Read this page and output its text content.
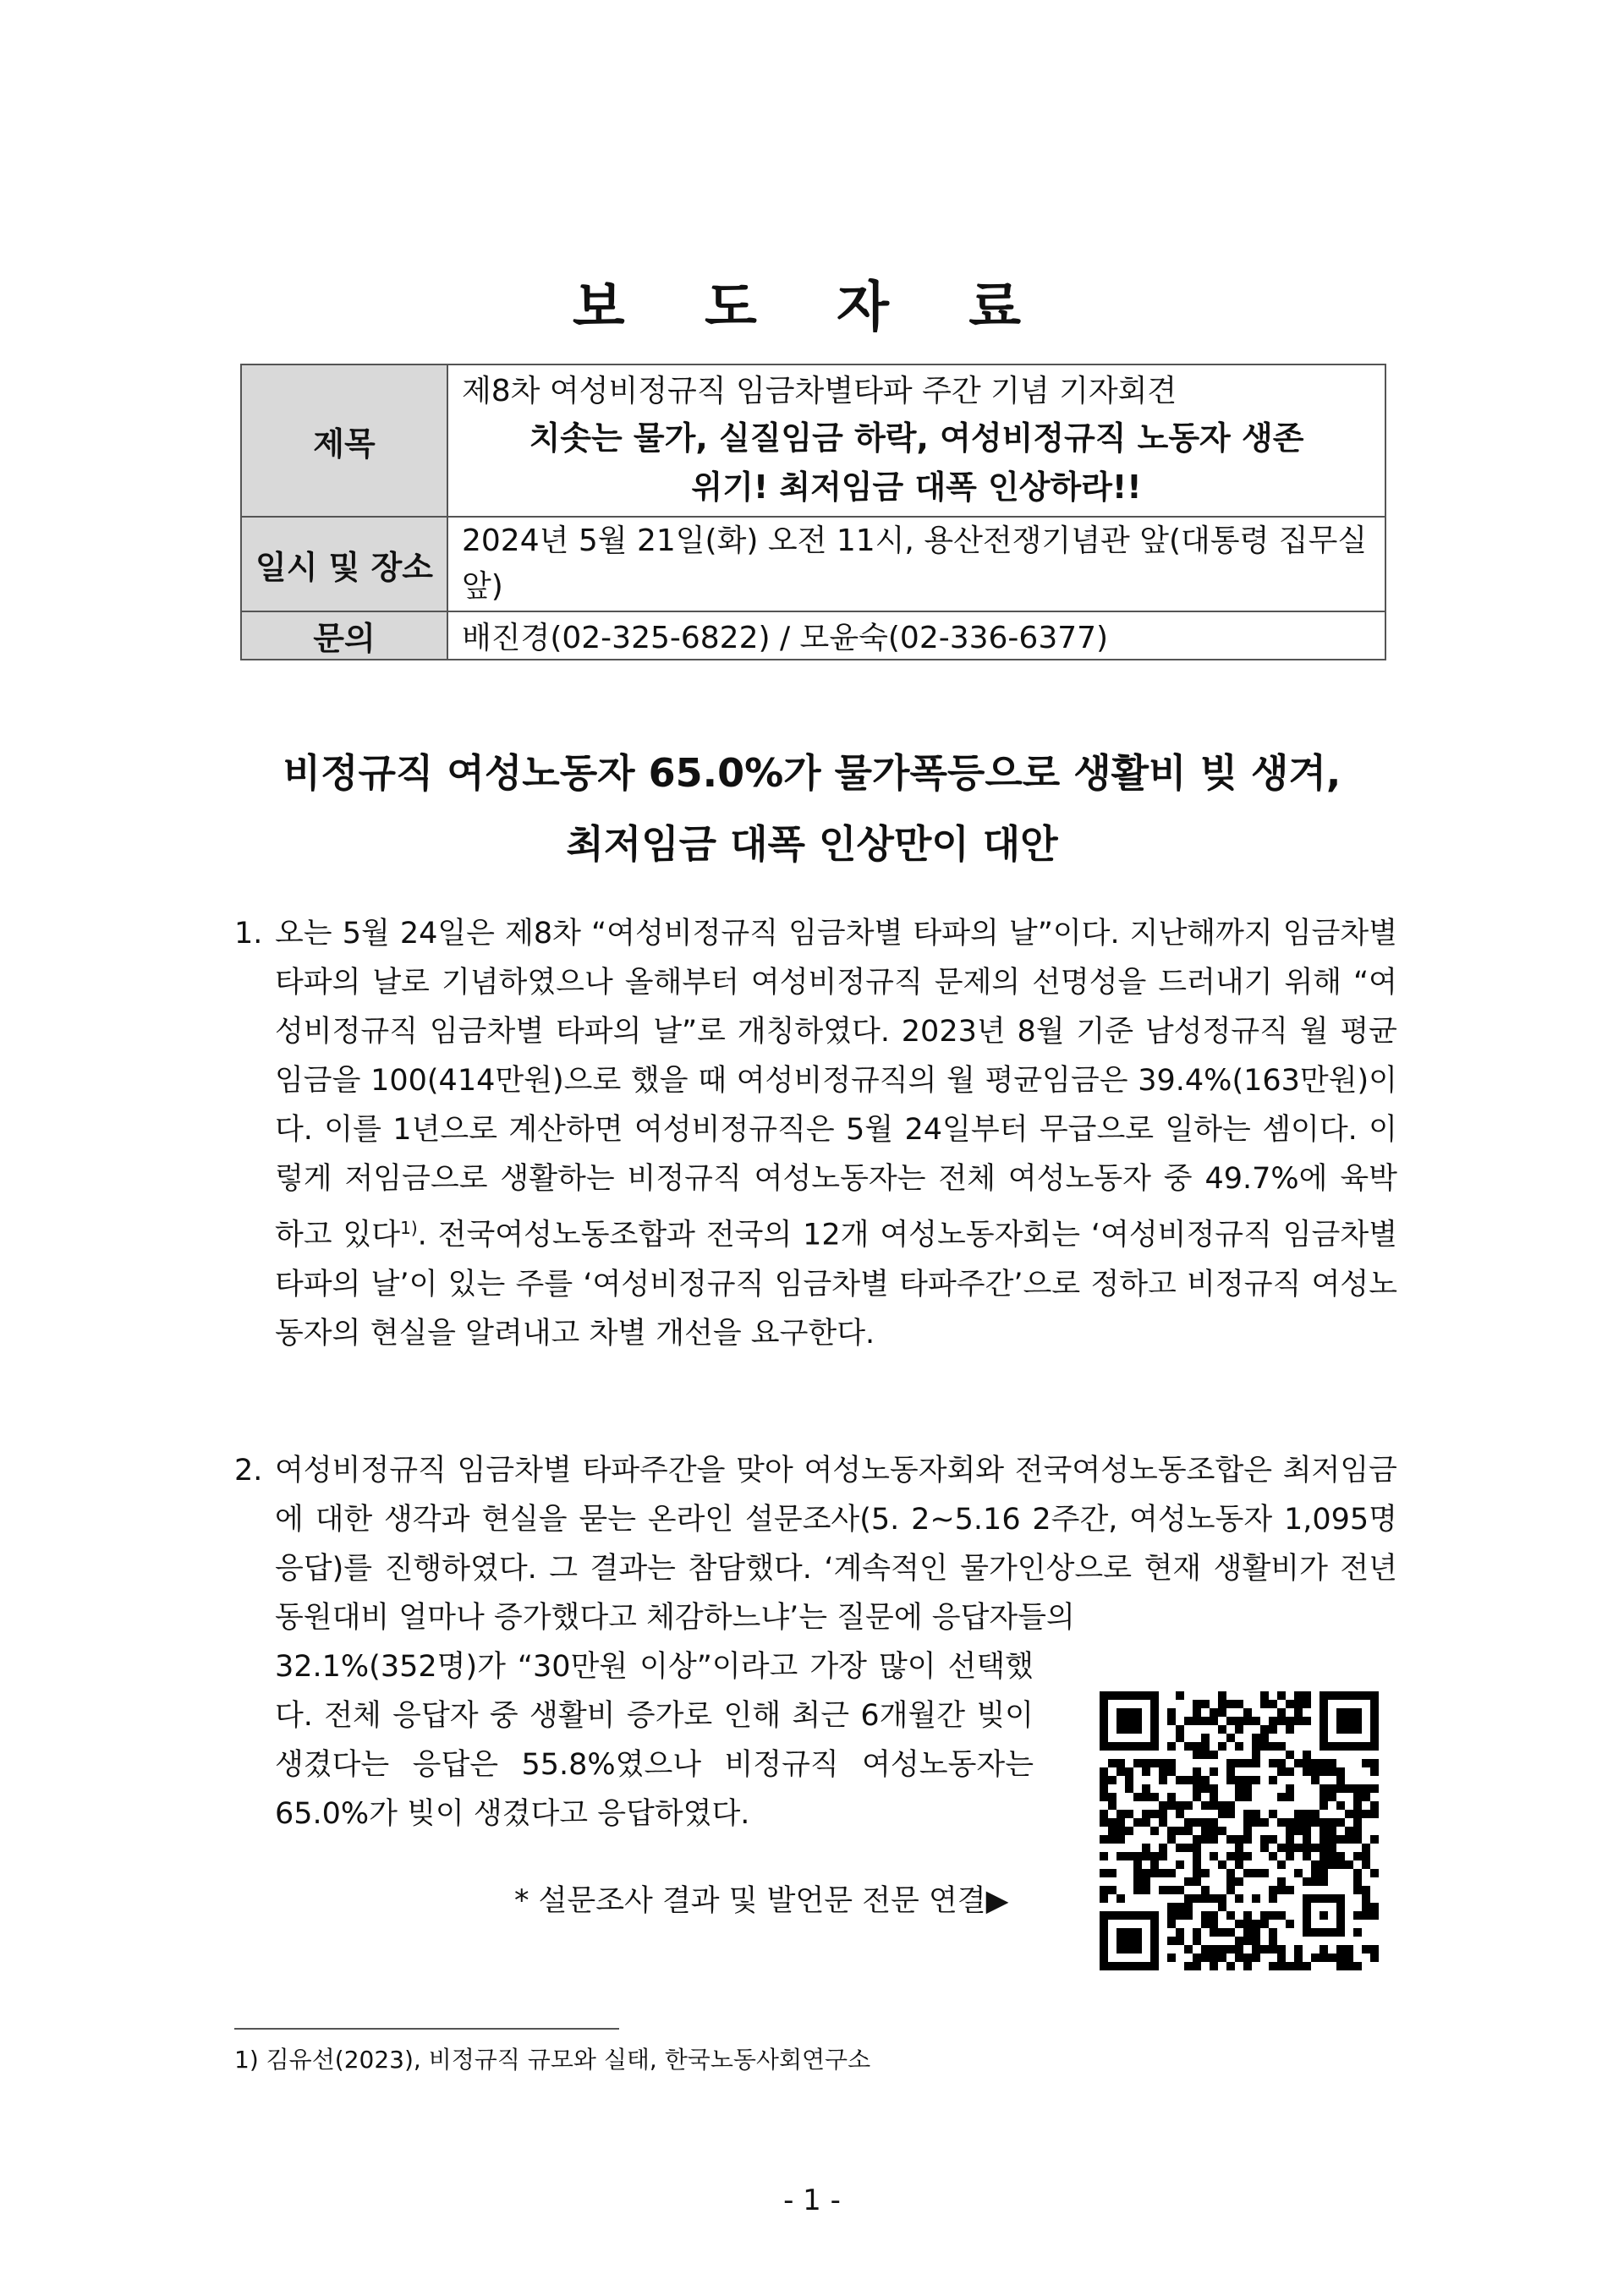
보 도 자 료
제목	제8차 여성비정규직 임금차별타파 주간 기념 기자회견
치솟는 물가, 실질임금 하락, 여성비정규직 노동자 생존
위기! 최저임금 대폭 인상하라!!

일시 및 장소	2024년 5월 21일(화) 오전 11시, 용산전쟁기념관 앞(대통령 집무실 앞)
문의	배진경(02-325-6822) / 모윤숙(02-336-6377)
비정규직 여성노동자 65.0%가 물가폭등으로 생활비 빚 생겨,
최저임금 대폭 인상만이 대안
1. 오는 5월 24일은 제8차 “여성비정규직 임금차별 타파의 날”이다. 지난해까지 임금차별 타파의 날로 기념하였으나 올해부터 여성비정규직 문제의 선명성을 드러내기 위해 “여성비정규직 임금차별 타파의 날”로 개칭하였다. 2023년 8월 기준 남성정규직 월 평균임금을 100(414만원)으로 했을 때 여성비정규직의 월 평균임금은 39.4%(163만원)이다. 이를 1년으로 계산하면 여성비정규직은 5월 24일부터 무급으로 일하는 셈이다. 이렇게 저임금으로 생활하는 비정규직 여성노동자는 전체 여성노동자 중 49.7%에 육박하고 있다$^{1)}$. 전국여성노동조합과 전국의 12개 여성노동자회는 ‘여성비정규직 임금차별 타파의 날’이 있는 주를 ‘여성비정규직 임금차별 타파주간’으로 정하고 비정규직 여성노동자의 현실을 알려내고 차별 개선을 요구한다.
2. 여성비정규직 임금차별 타파주간을 맞아 여성노동자회와 전국여성노동조합은 최저임금에 대한 생각과 현실을 묻는 온라인 설문조사(5. 2~5.16 2주간, 여성노동자 1,095명 응답)를 진행하였다. 그 결과는 참담했다. ‘계속적인 물가인상으로 현재 생활비가 전년 동원대비 얼마나 증가했다고 체감하느냐’는 질문에 응답자들의
32.1%(352명)가 “30만원 이상”이라고 가장 많이 선택했다. 전체 응답자 중 생활비 증가로 인해 최근 6개월간 빚이 생겼다는 응답은 55.8%였으나 비정규직 여성노동자는 65.0%가 빚이 생겼다고 응답하였다.
* 설문조사 결과 및 발언문 전문 연결▶
1) 김유선(2023), 비정규직 규모와 실태, 한국노동사회연구소
- 1 -
